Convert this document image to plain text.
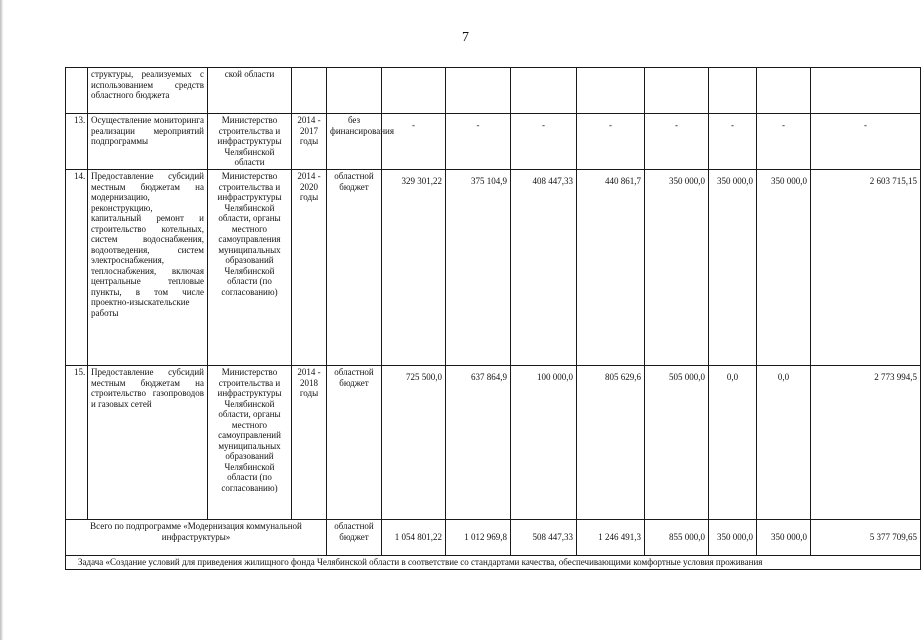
7
	структуры, реализуемых с использованием средств областного бюджета	ской области										
13.	Осуществление мониторинга реализации мероприятий подпрограммы	Министерство строительства и инфраструктуры Челябинской области	2014 - 2017 годы	без финансирования	-	-	-	-	-	-	-	-
14.	Предоставление субсидий местным бюджетам на модернизацию, реконструкцию, капитальный ремонт и строительство котельных, систем водоснабжения, водоотведения, систем электроснабжения, теплоснабжения, включая центральные тепловые пункты, в том числе проектно-изыскательские работы	Министерство строительства и инфраструктуры Челябинской области, органы местного самоуправления муниципальных образований Челябинской области (по согласованию)	2014 - 2020 годы	областной бюджет	329 301,22	375 104,9	408 447,33	440 861,7	350 000,0	350 000,0	350 000,0	2 603 715,15
15.	Предоставление субсидий местным бюджетам на строительство газопроводов и газовых сетей	Министерство строительства и инфраструктуры Челябинской области, органы местного самоуправлений муниципальных образований Челябинской области (по согласованию)	2014 - 2018 годы	областной бюджет	725 500,0	637 864,9	100 000,0	805 629,6	505 000,0	0,0	0,0	2 773 994,5
Всего по подпрограмме «Модернизация коммунальной инфраструктуры»				областной бюджет	1 054 801,22	1 012 969,8	508 447,33	1 246 491,3	855 000,0	350 000,0	350 000,0	5 377 709,65
Задача «Создание условий для приведения жилищного фонда Челябинской области в соответствие со стандартами качества, обеспечивающими комфортные условия проживания												
